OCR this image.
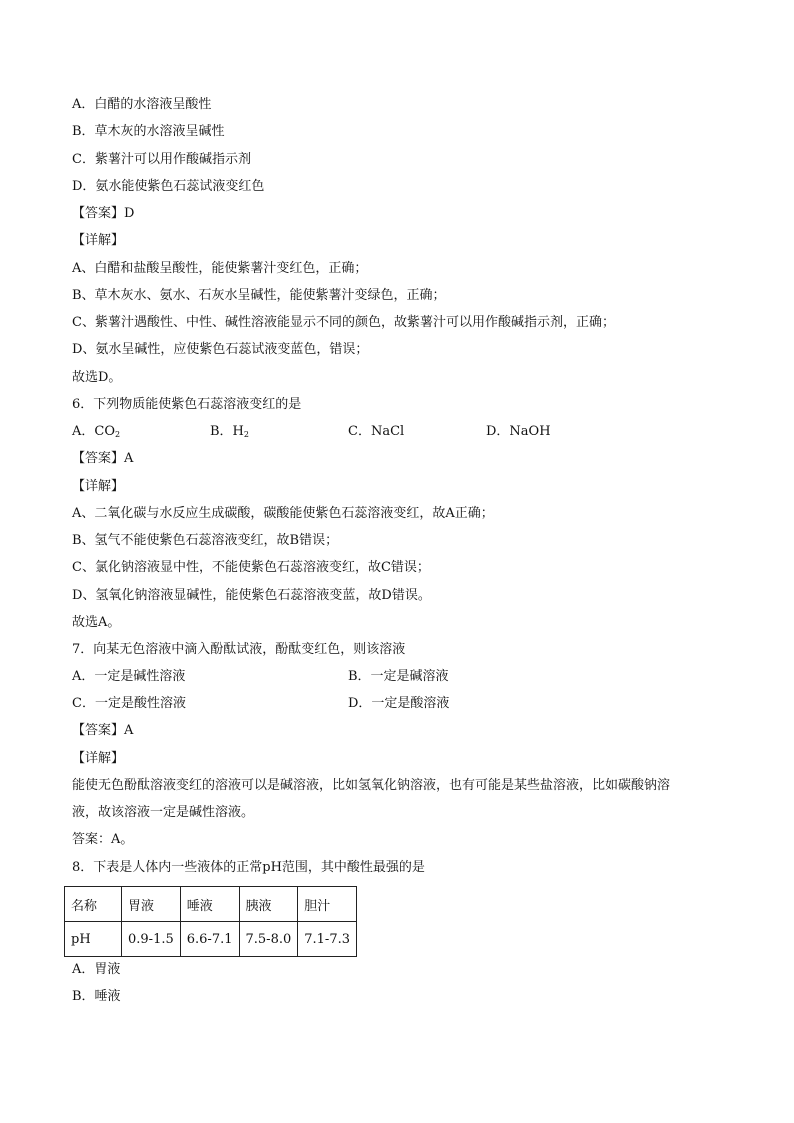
A．白醋的水溶液呈酸性
B．草木灰的水溶液呈碱性
C．紫薯汁可以用作酸碱指示剂
D．氨水能使紫色石蕊试液变红色
【答案】D
【详解】
A、白醋和盐酸呈酸性，能使紫薯汁变红色，正确；
B、草木灰水、氨水、石灰水呈碱性，能使紫薯汁变绿色，正确；
C、紫薯汁遇酸性、中性、碱性溶液能显示不同的颜色，故紫薯汁可以用作酸碱指示剂，正确；
D、氨水呈碱性，应使紫色石蕊试液变蓝色，错误；
故选D。
6．下列物质能使紫色石蕊溶液变红的是
A．$CO_2$	B．$H_2$	C．NaCl	D．NaOH
【答案】A
【详解】
A、二氧化碳与水反应生成碳酸，碳酸能使紫色石蕊溶液变红，故A正确；
B、氢气不能使紫色石蕊溶液变红，故B错误；
C、氯化钠溶液显中性，不能使紫色石蕊溶液变红，故C错误；
D、氢氧化钠溶液显碱性，能使紫色石蕊溶液变蓝，故D错误。
故选A。
7．向某无色溶液中滴入酚酞试液，酚酞变红色，则该溶液
A．一定是碱性溶液	B．一定是碱溶液
C．一定是酸性溶液	D．一定是酸溶液
【答案】A
【详解】
能使无色酚酞溶液变红的溶液可以是碱溶液，比如氢氧化钠溶液，也有可能是某些盐溶液，比如碳酸钠溶
液，故该溶液一定是碱性溶液。
答案：A。
8．下表是人体内一些液体的正常pH范围，其中酸性最强的是
名称	胃液	唾液	胰液	胆汁
pH	0.9-1.5	6.6-7.1	7.5-8.0	7.1-7.3
A．胃液
B．唾液
